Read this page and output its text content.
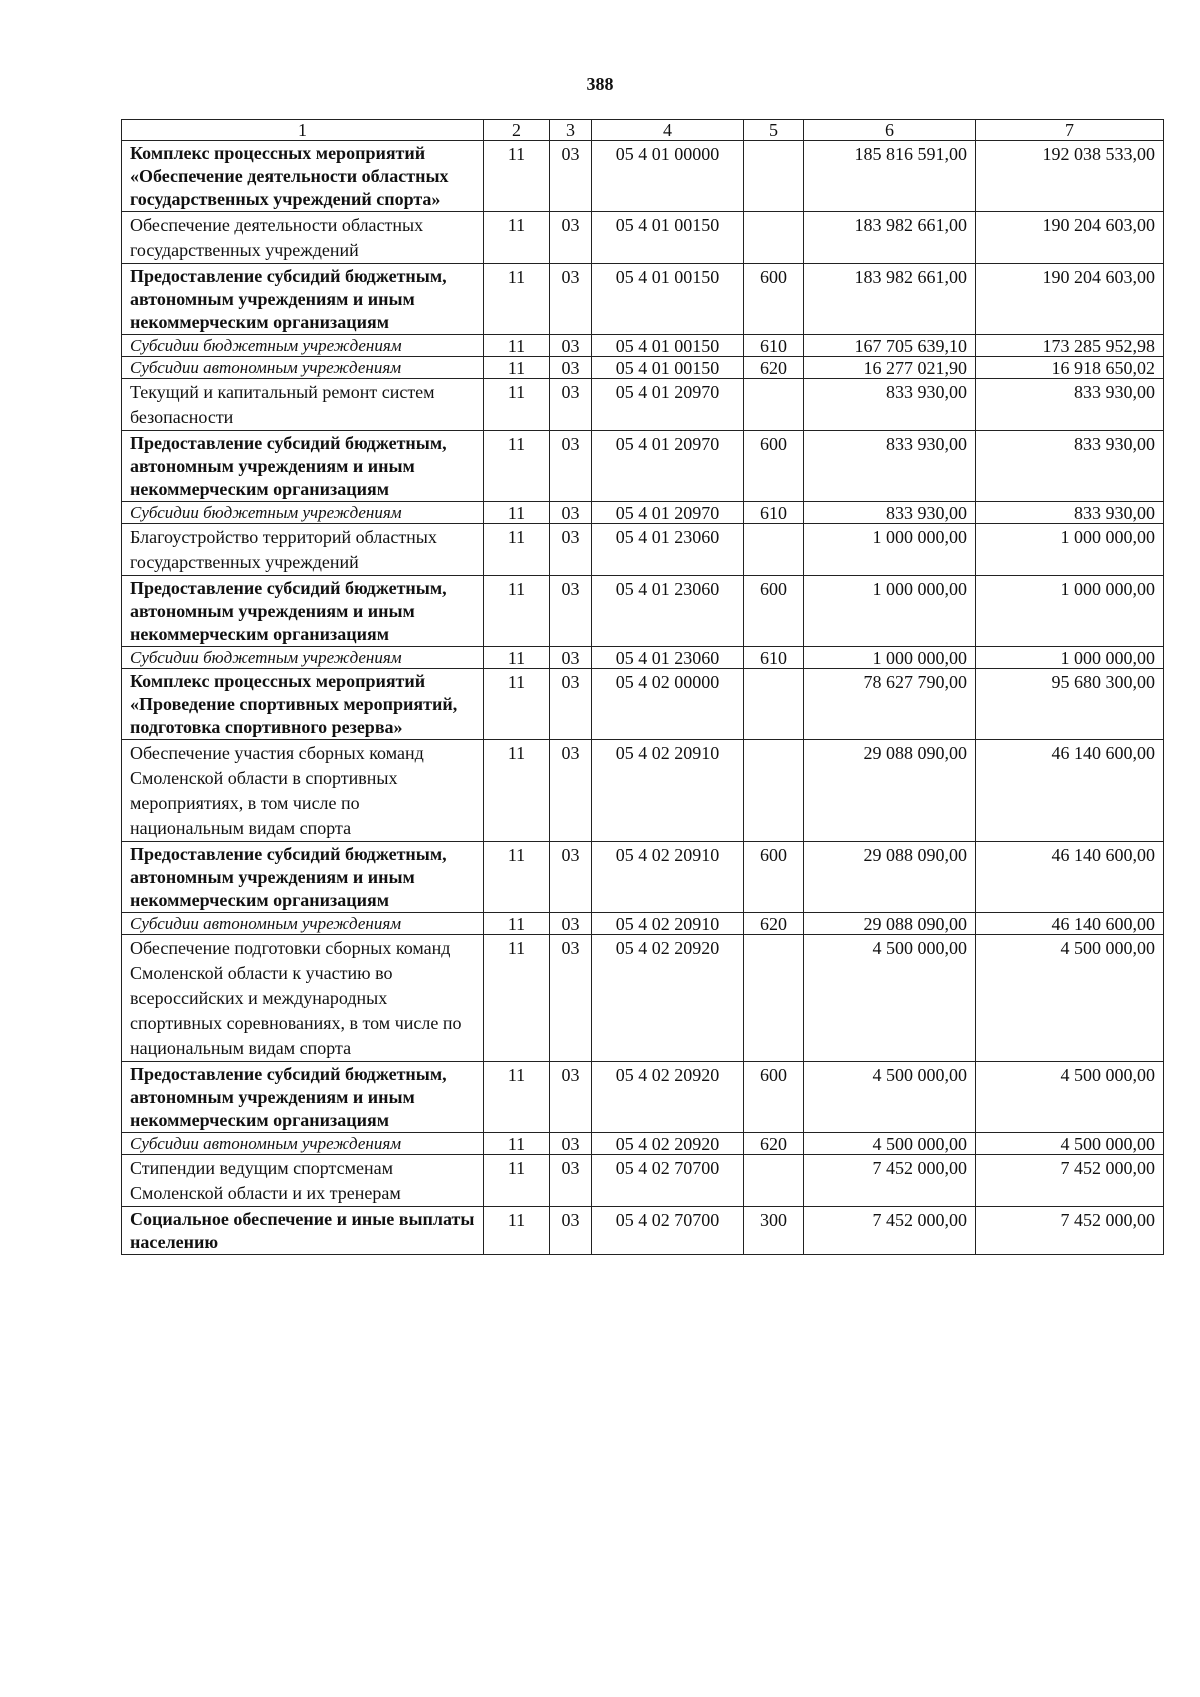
388
1	2	3	4	5	6	7
Комплекс процессных мероприятий «Обеспечение деятельности областных государственных учреждений спорта»	11	03	05 4 01 00000		185 816 591,00	192 038 533,00
Обеспечение деятельности областных государственных учреждений	11	03	05 4 01 00150		183 982 661,00	190 204 603,00
Предоставление субсидий бюджетным, автономным учреждениям и иным некоммерческим организациям	11	03	05 4 01 00150	600	183 982 661,00	190 204 603,00
Субсидии бюджетным учреждениям	11	03	05 4 01 00150	610	167 705 639,10	173 285 952,98
Субсидии автономным учреждениям	11	03	05 4 01 00150	620	16 277 021,90	16 918 650,02
Текущий и капитальный ремонт систем безопасности	11	03	05 4 01 20970		833 930,00	833 930,00
Предоставление субсидий бюджетным, автономным учреждениям и иным некоммерческим организациям	11	03	05 4 01 20970	600	833 930,00	833 930,00
Субсидии бюджетным учреждениям	11	03	05 4 01 20970	610	833 930,00	833 930,00
Благоустройство территорий областных государственных учреждений	11	03	05 4 01 23060		1 000 000,00	1 000 000,00
Предоставление субсидий бюджетным, автономным учреждениям и иным некоммерческим организациям	11	03	05 4 01 23060	600	1 000 000,00	1 000 000,00
Субсидии бюджетным учреждениям	11	03	05 4 01 23060	610	1 000 000,00	1 000 000,00
Комплекс процессных мероприятий «Проведение спортивных мероприятий, подготовка спортивного резерва»	11	03	05 4 02 00000		78 627 790,00	95 680 300,00
Обеспечение участия сборных команд Смоленской области в спортивных мероприятиях, в том числе по национальным видам спорта	11	03	05 4 02 20910		29 088 090,00	46 140 600,00
Предоставление субсидий бюджетным, автономным учреждениям и иным некоммерческим организациям	11	03	05 4 02 20910	600	29 088 090,00	46 140 600,00
Субсидии автономным учреждениям	11	03	05 4 02 20910	620	29 088 090,00	46 140 600,00
Обеспечение подготовки сборных команд Смоленской области к участию во всероссийских и международных спортивных соревнованиях, в том числе по национальным видам спорта	11	03	05 4 02 20920		4 500 000,00	4 500 000,00
Предоставление субсидий бюджетным, автономным учреждениям и иным некоммерческим организациям	11	03	05 4 02 20920	600	4 500 000,00	4 500 000,00
Субсидии автономным учреждениям	11	03	05 4 02 20920	620	4 500 000,00	4 500 000,00
Стипендии ведущим спортсменам Смоленской области и их тренерам	11	03	05 4 02 70700		7 452 000,00	7 452 000,00
Социальное обеспечение и иные выплаты населению	11	03	05 4 02 70700	300	7 452 000,00	7 452 000,00
